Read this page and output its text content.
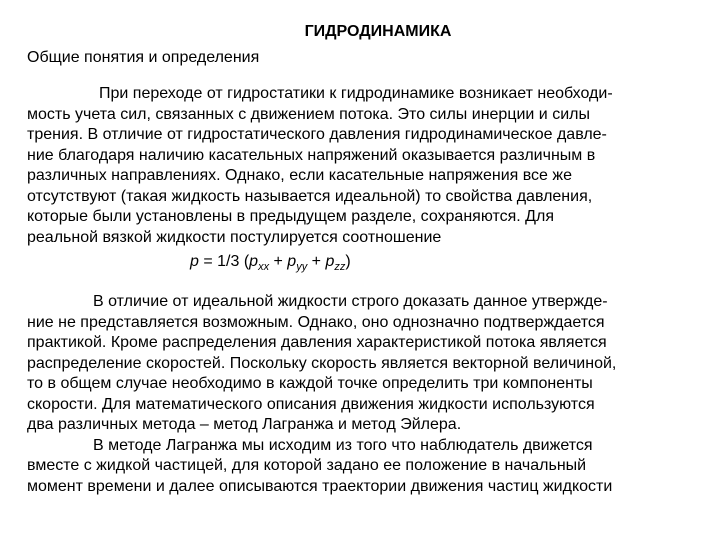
ГИДРОДИНАМИКА
Общие понятия и определения
При переходе от гидростатики к гидродинамике возникает необходи-
мость учета сил, связанных с движением потока. Это силы инерции и силы
трения. В отличие от гидростатического давления гидродинамическое давле-
ние благодаря наличию касательных напряжений оказывается различным в
различных направлениях. Однако, если касательные напряжения все же
отсутствуют (такая жидкость называется идеальной) то свойства давления,
которые были установлены в предыдущем разделе, сохраняются. Для
реальной вязкой жидкости постулируется соотношение
p = 1/3 $(p_{xx} + p_{yy} + p_{zz})$
В отличие от идеальной жидкости строго доказать данное утвержде-
ние не представляется возможным. Однако, оно однозначно подтверждается
практикой. Кроме распределения давления характеристикой потока является
распределение скоростей. Поскольку скорость является векторной величиной,
то в общем случае необходимо в каждой точке определить три компоненты
скорости. Для математического описания движения жидкости используются
два различных метода – метод Лагранжа и метод Эйлера.
В методе Лагранжа мы исходим из того что наблюдатель движется
вместе с жидкой частицей, для которой задано ее положение в начальный
момент времени и далее описываются траектории движения частиц жидкости
